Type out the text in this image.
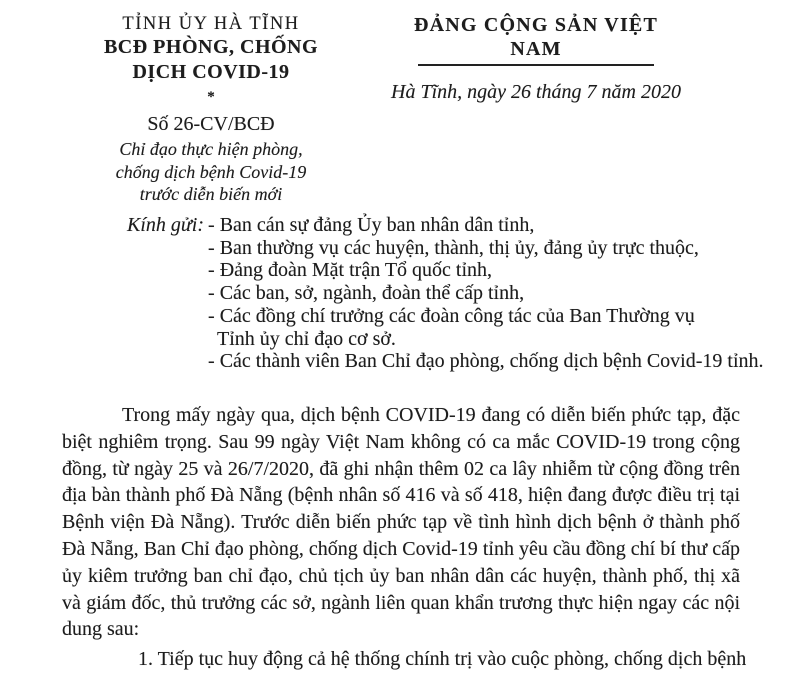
TỈNH ỦY HÀ TĨNH
BCĐ PHÒNG, CHỐNG
DỊCH COVID-19
*
Số 26-CV/BCĐ
Chỉ đạo thực hiện phòng,
chống dịch bệnh Covid-19
trước diễn biến mới
ĐẢNG CỘNG SẢN VIỆT NAM
Hà Tĩnh, ngày 26 tháng 7 năm 2020
Kính gửi: - Ban cán sự đảng Ủy ban nhân dân tỉnh,
- Ban thường vụ các huyện, thành, thị ủy, đảng ủy trực thuộc,
- Đảng đoàn Mặt trận Tổ quốc tỉnh,
- Các ban, sở, ngành, đoàn thể cấp tỉnh,
- Các đồng chí trưởng các đoàn công tác của Ban Thường vụ
Tỉnh ủy chỉ đạo cơ sở.
- Các thành viên Ban Chỉ đạo phòng, chống dịch bệnh Covid-19 tỉnh.

Trong mấy ngày qua, dịch bệnh COVID-19 đang có diễn biến phức tạp, đặc biệt nghiêm trọng. Sau 99 ngày Việt Nam không có ca mắc COVID-19 trong cộng đồng, từ ngày 25 và 26/7/2020, đã ghi nhận thêm 02 ca lây nhiễm từ cộng đồng trên địa bàn thành phố Đà Nẵng (bệnh nhân số 416 và số 418, hiện đang được điều trị tại Bệnh viện Đà Nẵng). Trước diễn biến phức tạp về tình hình dịch bệnh ở thành phố Đà Nẵng, Ban Chỉ đạo phòng, chống dịch Covid-19 tỉnh yêu cầu đồng chí bí thư cấp ủy kiêm trưởng ban chỉ đạo, chủ tịch ủy ban nhân dân các huyện, thành phố, thị xã và giám đốc, thủ trưởng các sở, ngành liên quan khẩn trương thực hiện ngay các nội dung sau:

1. Tiếp tục huy động cả hệ thống chính trị vào cuộc phòng, chống dịch bệnh
